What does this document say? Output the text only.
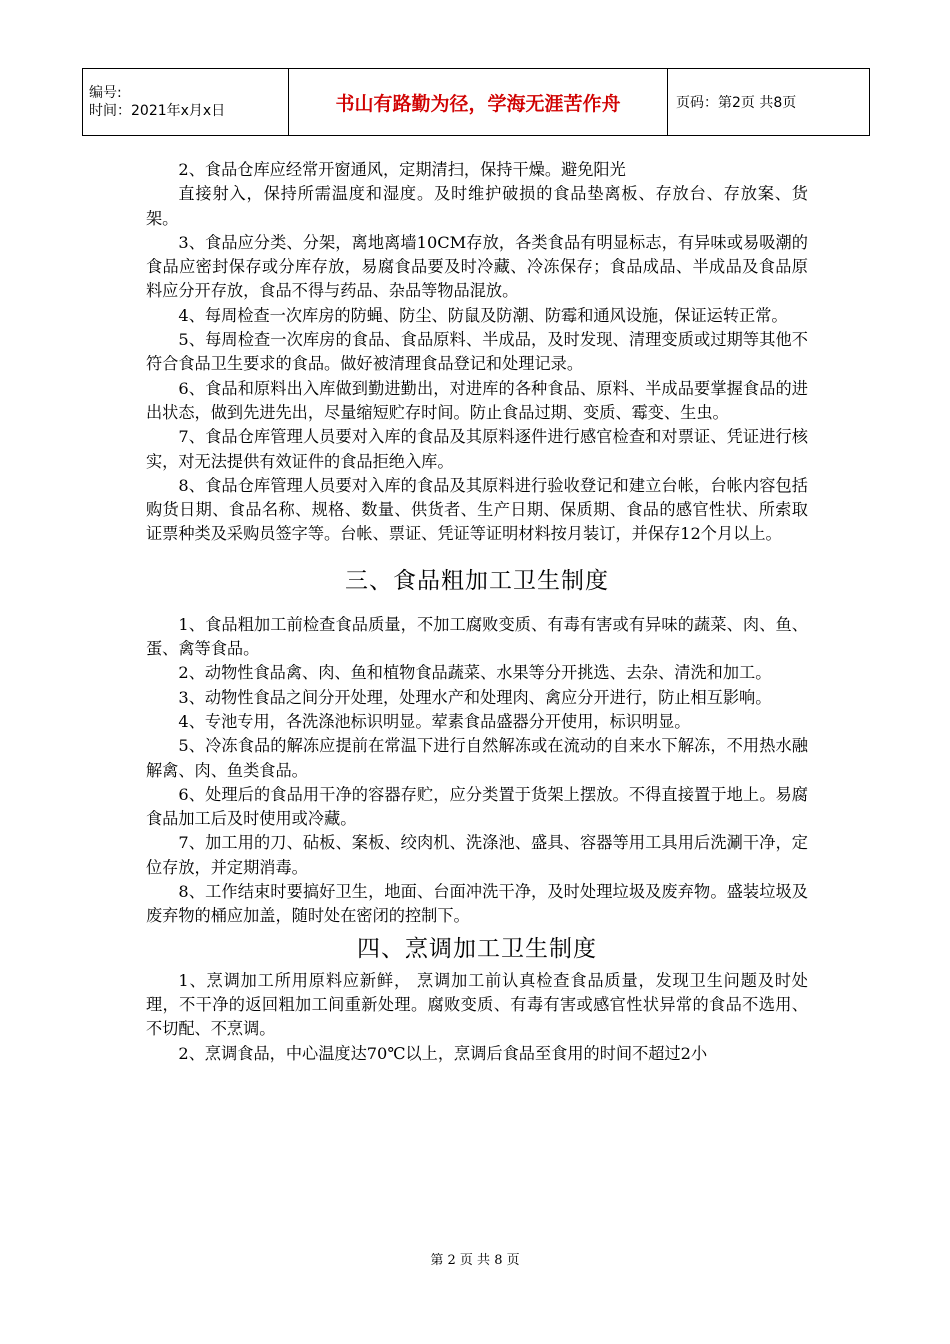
编号:
时间：2021年x月x日	书山有路勤为径，学海无涯苦作舟	页码：第2页 共8页

2、食品仓库应经常开窗通风，定期清扫，保持干燥。避免阳光

直接射入，保持所需温度和湿度。及时维护破损的食品垫离板、存放台、存放案、货架。

3、食品应分类、分架，离地离墙10CM存放，各类食品有明显标志，有异味或易吸潮的食品应密封保存或分库存放，易腐食品要及时冷藏、冷冻保存；食品成品、半成品及食品原料应分开存放，食品不得与药品、杂品等物品混放。

4、每周检查一次库房的防蝇、防尘、防鼠及防潮、防霉和通风设施，保证运转正常。

5、每周检查一次库房的食品、食品原料、半成品，及时发现、清理变质或过期等其他不符合食品卫生要求的食品。做好被清理食品登记和处理记录。

6、食品和原料出入库做到勤进勤出，对进库的各种食品、原料、半成品要掌握食品的进出状态，做到先进先出，尽量缩短贮存时间。防止食品过期、变质、霉变、生虫。

7、食品仓库管理人员要对入库的食品及其原料逐件进行感官检查和对票证、凭证进行核实，对无法提供有效证件的食品拒绝入库。

8、食品仓库管理人员要对入库的食品及其原料进行验收登记和建立台帐，台帐内容包括购货日期、食品名称、规格、数量、供货者、生产日期、保质期、食品的感官性状、所索取证票种类及采购员签字等。台帐、票证、凭证等证明材料按月装订，并保存12个月以上。

三、食品粗加工卫生制度

1、食品粗加工前检查食品质量，不加工腐败变质、有毒有害或有异味的蔬菜、肉、鱼、蛋、禽等食品。

2、动物性食品禽、肉、鱼和植物食品蔬菜、水果等分开挑选、去杂、清洗和加工。

3、动物性食品之间分开处理，处理水产和处理肉、禽应分开进行，防止相互影响。

4、专池专用，各洗涤池标识明显。荤素食品盛器分开使用，标识明显。

5、冷冻食品的解冻应提前在常温下进行自然解冻或在流动的自来水下解冻，不用热水融解禽、肉、鱼类食品。

6、处理后的食品用干净的容器存贮，应分类置于货架上摆放。不得直接置于地上。易腐食品加工后及时使用或冷藏。

7、加工用的刀、砧板、案板、绞肉机、洗涤池、盛具、容器等用工具用后洗涮干净，定位存放，并定期消毒。

8、工作结束时要搞好卫生，地面、台面冲洗干净，及时处理垃圾及废弃物。盛装垃圾及废弃物的桶应加盖，随时处在密闭的控制下。

四、烹调加工卫生制度

1、烹调加工所用原料应新鲜， 烹调加工前认真检查食品质量，发现卫生问题及时处理，不干净的返回粗加工间重新处理。腐败变质、有毒有害或感官性状异常的食品不选用、不切配、不烹调。

2、烹调食品，中心温度达70℃以上，烹调后食品至食用的时间不超过2小

第 2 页 共 8 页
